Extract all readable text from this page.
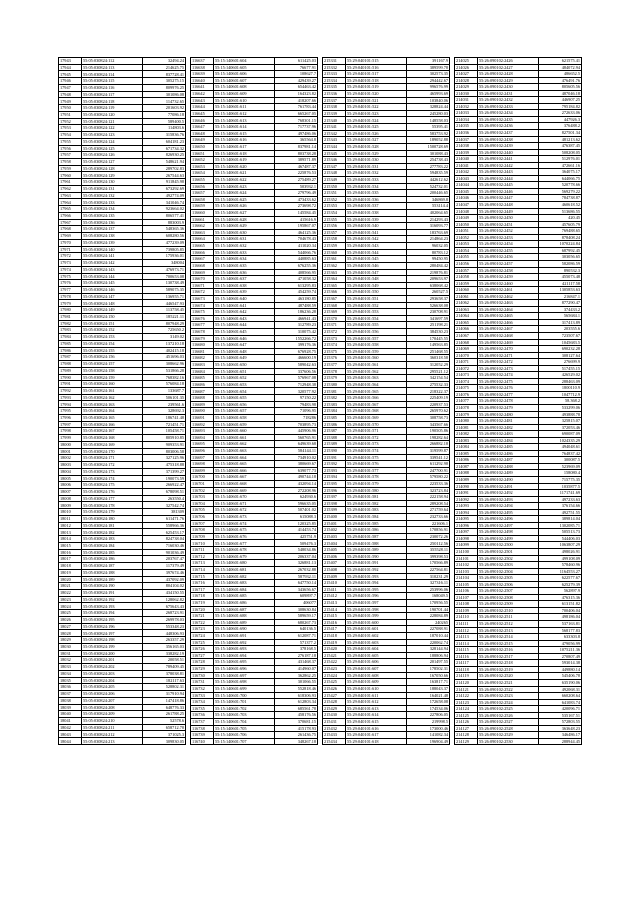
17943	55:05:030824:112	32494.24
17944	55:05:030824:113	214625.75
17945	55:05:030824:114	837728.41
17946	55:05:030824:115	305275.15
17947	55:05:030824:116	809976.25
17948	55:05:030824:117	301086.08
17949	55:05:030824:118	114732.65
17950	55:05:030824:119	201603.92
17951	55:05:030824:120	77086.18
17952	55:05:030824:121	589400.5
17953	55:05:030824:122	114803.6
17954	55:05:030824:123	315836.76
17955	55:05:030824:124	604181.23
17956	55:05:030824:125	671734.32
17957	55:05:030824:126	826930.25
17958	55:05:030824:127	548621.94
17959	55:05:030824:128	289702.83
17960	55:05:030824:129	267544.63
17961	55:05:030824:130	911845.98
17962	55:05:030824:131	673292.69
17963	55:05:030824:132	492774.09
17964	55:05:030824:133	341046.74
17965	55:05:030824:134	923664.02
17966	55:05:030824:135	806577.41
17967	55:05:030824:136	883003.9
17968	55:05:030824:137	548365.36
17969	55:05:030824:138	608280.56
17970	55:05:030824:139	477239.09
17971	55:05:030824:140	739805.85
17972	55:05:030824:141	175936.01
17973	55:05:030824:142	348004
17974	55:05:030824:143	476973.71
17975	55:05:030824:144	700653.08
17976	55:05:030824:145	130738.49
17977	55:05:030824:146	589075.35
17978	55:05:030824:147	136955.71
17979	55:05:030824:148	446547.93
17980	55:05:030824:149	113758.45
17981	55:05:030824:150	185221.11
17982	55:05:030824:151	807948.29
17983	55:05:030824:152	725650.2
17984	55:05:030824:153	3149.02
17985	55:05:030824:154	137210.18
17986	55:05:030824:155	402415.18
17987	55:05:030824:156	451696.03
17988	55:05:030824:157	308662.96
17989	55:05:030824:158	531866.28
17990	55:05:030824:159	768382.16
17991	55:05:030824:160	576084.18
17992	55:05:030824:161	133687.7
17993	55:05:030824:162	506101.35
17994	55:05:030824:163	239561.6
17995	55:05:030824:164	328692.3
17996	55:05:030824:165	186741.48
17997	55:05:030824:166	721451.71
17998	55:05:030824:167	105458.71
17999	55:05:030824:168	805910.85
18000	55:05:030824:169	909353.91
18001	55:05:030824:170	803006.58
18002	55:05:030824:171	327125.96
18003	55:05:030824:172	475318.88
18004	55:05:030824:173	371399.27
18005	55:05:030824:174	190073.59
18006	55:05:030824:175	266922.47
18007	55:05:030824:176	678098.51
18008	55:05:030824:177	263550.4
18009	55:05:030824:178	327542.74
18010	55:05:030824:179	381309
18011	55:05:030824:180	611471.76
18012	55:05:030824:181	558966.36
18013	55:05:030824:182	625453.17
18014	55:05:030824:183	824738.04
18015	55:05:030824:184	716030.46
18016	55:05:030824:185	901036.49
18017	55:05:030824:186	203767.47
18018	55:05:030824:187	117379.49
18019	55:05:030824:188	397674.46
18020	55:05:030824:189	437092.09
18021	55:05:030824:190	804104.02
18022	55:05:030824:191	434150.55
18023	55:05:030824:192	128062.82
18024	55:05:030824:193	675643.43
18025	55:05:030824:194	268723.91
18026	55:05:030824:195	269978.03
18027	55:05:030824:196	553348.23
18028	55:05:030824:197	448306.93
18029	55:05:030824:198	263357.29
18030	55:05:030824:199	356165.03
18031	55:05:030824:200	338282.19
18032	55:05:030824:201	20058.51
18033	55:05:030824:202	789409.45
18034	55:05:030824:203	378038.81
18035	55:05:030824:204	182117.63
18036	55:05:030824:205	528802.31
18037	55:05:030824:206	317910.94
18038	55:05:030824:207	147418.86
18039	55:05:030824:208	648776.33
18040	55:05:030824:209	261788.25
18041	55:05:030824:210	52578.6
18042	55:05:030824:211	658712.78
18043	55:05:030824:212	371025.3
18044	55:05:030824:213	309830.05
116637	55:15:140601:604	611425.03
116638	55:15:140601:605	76677.91
116639	55:15:140601:606	108627.7
116640	55:15:140601:607	429439.27
116641	55:15:140601:608	654463.42
116642	55:15:140601:609	164323.82
116643	55:15:140601:610	418207.66
116644	55:15:140601:611	761783.44
116645	55:15:140601:612	665267.05
116646	55:15:140601:613	768301.15
116647	55:15:140601:614	717737.96
116648	55:15:140601:615	497486.06
116649	55:15:140601:616	365564.8
116650	55:15:140601:617	837981.14
116651	55:15:140601:618	803738.28
116652	55:15:140601:619	389571.89
116653	55:15:140601:620	467487.37
116654	55:15:140601:621	225876.53
116655	55:15:140601:622	275489.27
116656	55:15:140601:623	503932.1
116657	55:15:140601:624	279796.49
116658	55:15:140601:625	473433.62
116659	55:15:140601:626	273698.72
116660	55:15:140601:627	145584.45
116661	55:15:140601:628	415616.9
116662	55:15:140601:629	195867.07
116663	55:15:140601:630	464125.36
116664	55:15:140601:631	704678.43
116665	55:15:140601:632	411020.34
116666	55:15:140601:633	544066.76
116667	55:15:140601:634	440885.63
116668	55:15:140601:635	676255.36
116669	55:15:140601:636	408566.95
116670	55:15:140601:637	471058.32
116671	55:15:140601:638	613295.83
116672	55:15:140601:639	454259.74
116673	55:15:140601:640	463180.85
116674	55:15:140601:641	487488.59
116675	55:15:140601:642	186236.28
116676	55:15:140601:643	466941.43
116677	55:15:140601:644	312789.23
116678	55:15:140601:645	310075.42
116679	55:15:140601:646	1552266.72
116680	55:15:140601:647	399176.36
116681	55:15:140601:648	676928.75
116682	55:15:140601:649	466600.19
116683	55:15:140601:650	589042.63
116684	55:15:140601:651	337606.56
116685	55:15:140601:652	576967.08
116686	55:15:140601:653	712948.38
116687	55:15:140601:654	320577.92
116688	55:15:140601:655	97150.22
116689	55:15:140601:656	79483.98
116690	55:15:140601:657	71096.95
116691	55:15:140601:658	718286
116692	55:15:140601:659	703895.73
116693	55:15:140601:660	445906.96
116694	55:15:140601:661	560765.91
116695	55:15:140601:662	649639.68
116696	55:15:140601:663	584144.11
116697	55:15:140601:664	734910.02
116698	55:15:140601:665	380669.67
116699	55:15:140601:666	639077.73
116700	55:15:140601:667	490744.18
116701	55:15:140601:668	432094.14
116702	55:15:140601:669	272208.96
116703	55:15:140601:670	624930.6
116704	55:15:140601:671	596635.05
116705	55:15:140601:672	507401.02
116706	55:15:140601:673	615088.3
116707	55:15:140601:674	120325.85
116708	55:15:140601:675	414453.74
116709	55:15:140601:676	425751.9
116710	55:15:140601:677	509476.3
116711	55:15:140601:678	548034.86
116712	55:15:140601:679	206337.04
116713	55:15:140601:680	326881.13
116714	55:15:140601:681	267032.88
116715	55:15:140601:682	587932.11
116716	55:15:140601:683	647750.14
116717	55:15:140601:684	343656.67
116718	55:15:140601:685	609897.7
116719	55:15:140601:686	406077
116720	55:15:140601:687	308630.84
116721	55:15:140601:688	589659.17
116722	55:15:140601:689	680267.73
116723	55:15:140601:690	640136.5
116724	55:15:140601:691	612087.71
116725	55:15:140601:692	571377.2
116726	55:15:140601:693	378168.5
116727	55:15:140601:694	276187.18
116728	55:15:140601:695	431468.37
116729	55:15:140601:696	414960.07
116730	55:15:140601:697	362862.25
116731	55:15:140601:698	301066.55
116732	55:15:140601:699	552818.46
116733	55:15:140601:700	618306.93
116734	55:15:140601:701	612803.34
116735	55:15:140601:702	685561.78
116736	55:15:140601:703	458176.56
116737	55:15:140601:704	370681.15
116738	55:15:140601:705	415178.93
116739	55:15:140601:706	261436.75
116740	55:15:140601:707	348267.18
215331	55:29:040101:515	391167.9
215332	55:29:040101:516	389599.78
215333	55:29:040101:517	302573.35
215334	55:29:040101:518	294442.67
215335	55:29:040101:519	996576.99
215336	55:29:040101:520	465993.69
215337	55:29:040101:521	103840.06
215338	55:29:040101:522	328824.44
215339	55:29:040101:523	245280.03
215340	55:29:040101:524	148558.03
215341	55:29:040101:525	55395.41
215342	55:29:040101:526	583753.92
215343	55:29:040101:527	189052.88
215344	55:29:040101:528	1500728.69
215345	55:29:040101:529	301088.43
215346	55:29:040101:530	254738.43
215347	55:29:040101:531	277783.22
215348	55:29:040101:532	594835.59
215349	55:29:040101:533	442612.62
215350	55:29:040101:534	524732.01
215351	55:29:040101:535	200446.65
215352	55:29:040101:536	346869.8
215353	55:29:040101:537	553114.4
215354	55:29:040101:538	402064.65
215355	55:29:040101:539	214293.43
215356	55:29:040101:540	316093.77
215357	55:29:040101:541	183763.69
215358	55:29:040101:542	214864.23
215359	55:29:040101:543	96032.05
215360	55:29:040101:544	80783.12
215361	55:29:040101:545	99450.95
215362	55:29:040101:546	280484.42
215363	55:29:040101:547	219876.81
215364	55:29:040101:548	209653.97
215365	55:29:040101:549	638068.42
215366	55:29:040101:550	260527.5
215367	55:29:040101:551	293658.37
215368	55:29:040101:552	526638.08
215369	55:29:040101:553	230708.91
215370	55:29:040101:554	341697.59
215371	55:29:040101:555	251198.21
215372	55:29:040101:556	384530.23
215373	55:29:040101:557	170445.55
215374	55:29:040101:558	149563.85
215375	55:29:040101:559	251468.55
215376	55:29:040101:560	360318.58
215377	55:29:040101:561	312052.29
215378	55:29:040101:562	295521.12
215379	55:29:040101:563	342154.54
215380	55:29:040101:564	275532.33
215381	55:29:040101:565	218322.37
215382	55:29:040101:566	225409.19
215383	55:29:040101:567	220937.53
215384	55:29:040101:568	265970.62
215385	55:29:040101:569	308758.73
215386	55:29:040101:570	343567.66
215387	55:29:040101:571	190505.86
215388	55:29:040101:572	198282.64
215389	55:29:040101:573	266882.18
215390	55:29:040101:574	319599.87
215391	55:29:040101:575	339541.12
215392	55:29:040101:576	611292.98
215393	55:29:040101:577	247700.91
215394	55:29:040101:578	579580.22
215395	55:29:040101:579	223533.36
215396	55:29:040101:580	323723.84
215397	55:29:040101:581	222158.94
215398	55:29:040101:582	289208.54
215399	55:29:040101:583	271759.64
215400	55:29:040101:584	232733.66
215401	55:29:040101:585	221606.1
215402	55:29:040101:586	170856.91
215403	55:29:040101:587	230072.26
215404	55:29:040101:588	250112.56
215405	55:29:040101:589	355528.11
215406	55:29:040101:590	399398.53
215407	55:29:040101:591	170566.89
215408	55:29:040101:592	227564.81
215409	55:29:040101:593	310231.29
215410	55:29:040101:594	327316.11
215411	55:29:040101:595	253996.06
215412	55:29:040101:596	168049.5
215413	55:29:040101:597	170956.55
215414	55:29:040101:598	190701.44
215415	55:29:040101:599	228084.89
215416	55:29:040101:600	240265
215417	55:29:040101:601	227088.91
215418	55:29:040101:602	187010.44
215419	55:29:040101:603	220062.74
215420	55:29:040101:604	328144.94
215421	55:29:040101:605	188806.94
215422	55:29:040101:606	201497.55
215423	55:29:040101:607	178502.31
215424	55:29:040101:608	167050.66
215425	55:29:040101:609	163817.71
215426	55:29:040101:610	188043.37
215427	55:29:040101:611	164021.48
215428	55:29:040101:612	172658.08
215429	55:29:040101:613	174534.06
215430	55:29:040101:614	227806.05
215431	55:29:040101:615	219998.5
215432	55:29:040101:616	173000.46
215433	55:29:040101:617	141082.34
215434	55:29:040101:618	196904.49
214025	55:26:090102:2426	621575.41
214026	55:26:090102:2427	484072.94
214027	55:26:090102:2428	486652.5
214028	55:26:090102:2429	476491.76
214029	55:26:090102:2430	805605.56
214030	55:26:090102:2431	487046.18
214031	55:26:090102:2432	446907.25
214032	55:26:090102:2433	795184.82
214033	55:26:090102:2434	272633.06
214034	55:26:090102:2435	447926.3
214035	55:26:090102:2436	376488.2
214036	55:26:090102:2437	827501.34
214037	55:26:090102:2438	481213.62
214038	55:26:090102:2439	476387.45
214039	55:26:090102:2440	508208.05
214040	55:26:090102:2441	512976.01
214041	55:26:090102:2442	472661.16
214042	55:26:090102:2443	364075.17
214043	55:26:090102:2444	644066.75
214044	55:26:090102:2445	520778.66
214045	55:26:090102:2446	569279.22
214046	55:26:090102:2447	784738.87
214047	55:26:090102:2448	460618.52
214048	55:26:090102:2449	513686.55
214049	55:26:090102:2450	420.45
214050	55:26:090102:2451	457605.79
214051	55:26:090102:2452	769488.65
214052	55:26:090102:2453	878408.24
214053	55:26:090102:2454	1070224.84
214054	55:26:090102:2455	687992.45
214055	55:26:090102:2456	303056.65
214056	55:26:090102:2457	582086.59
214057	55:26:090102:2458	890532.3
214058	55:26:090102:2459	455073.48
214059	55:26:090102:2460	421117.58
214060	55:26:090102:2461	1305853.63
214061	55:26:090102:2462	216847.1
214062	55:26:090102:2463	877290.47
214063	55:26:090102:2464	374433.2
214064	55:26:090102:2465	565684.1
214065	55:26:090102:2466	317413.89
214066	55:26:090102:2467	203555.6
214067	55:26:090102:2468	723507.67
214068	55:26:090102:2469	1045683.5
214069	55:26:090102:2470	690232.28
214070	55:26:090102:2471	308127.64
214071	55:26:090102:2472	276699.9
214072	55:26:090102:2473	517455.15
214073	55:26:090102:2474	426529.02
214074	55:26:090102:2475	288463.09
214075	55:26:090102:2476	1800110.9
214076	55:26:090102:2477	1047712.9
214077	55:26:090102:2478	58.368.2
214078	55:26:090102:2479	533299.06
214079	55:26:090102:2480	493888.78
214080	55:26:090102:2481	325815.07
214081	55:26:090102:2482	372053.46
214082	55:26:090102:2483	690087.09
214083	55:26:090102:2484	1024335.29
214084	55:26:090102:2485	494048.61
214085	55:26:090102:2486	764837.42
214086	55:26:090102:2487	300087.5
214087	55:26:090102:2488	523969.09
214088	55:26:090102:2489	158080.4
214089	55:26:090102:2490	715775.35
214090	55:26:090102:2491	1035877.5
214091	55:26:090102:2492	1171741.69
214092	55:26:090102:2493	497233.63
214093	55:26:090102:2494	376154.66
214094	55:26:090102:2495	492751.55
214095	55:26:090102:2496	389814.04
214096	55:26:090102:2497	1302085.71
214097	55:26:090102:2498	505513.73
214098	55:26:090102:2499	544406.03
214099	55:26:090102:2500	1063807.29
214100	55:26:090102:2501	498026.91
214101	55:26:090102:2502	499108.09
214102	55:26:090102:2503	578460.96
214103	55:26:090102:2504	1164553.27
214104	55:26:090102:2505	622577.67
214105	55:26:090102:2506	625279.39
214106	55:26:090102:2507	562897.9
214107	55:26:090102:2508	476315.36
214108	55:26:090102:2509	613151.82
214109	55:26:090102:2510	700406.04
214110	55:26:090102:2511	498186.04
214111	55:26:090102:2512	537163.81
214112	55:26:090102:2513	568177.83
214113	55:26:090102:2514	633303.8
214114	55:26:090102:2515	479056.99
214115	55:26:090102:2516	1075211.36
214116	55:26:090102:2517	270807.49
214117	55:26:090102:2518	593014.38
214118	55:26:090102:2519	449880.14
214119	55:26:090102:2520	545406.78
214120	55:26:090102:2521	635190.06
214121	55:26:090102:2522	492068.31
214122	55:26:090102:2523	660208.64
214123	55:26:090102:2524	641083.74
214124	55:26:090102:2525	420096.71
214125	55:26:090102:2526	535167.51
214126	55:26:090102:2527	572803.55
214127	55:26:090102:2528	363648.23
214128	55:26:090102:2529	346486.17
214129	55:26:090102:2530	288944.45
